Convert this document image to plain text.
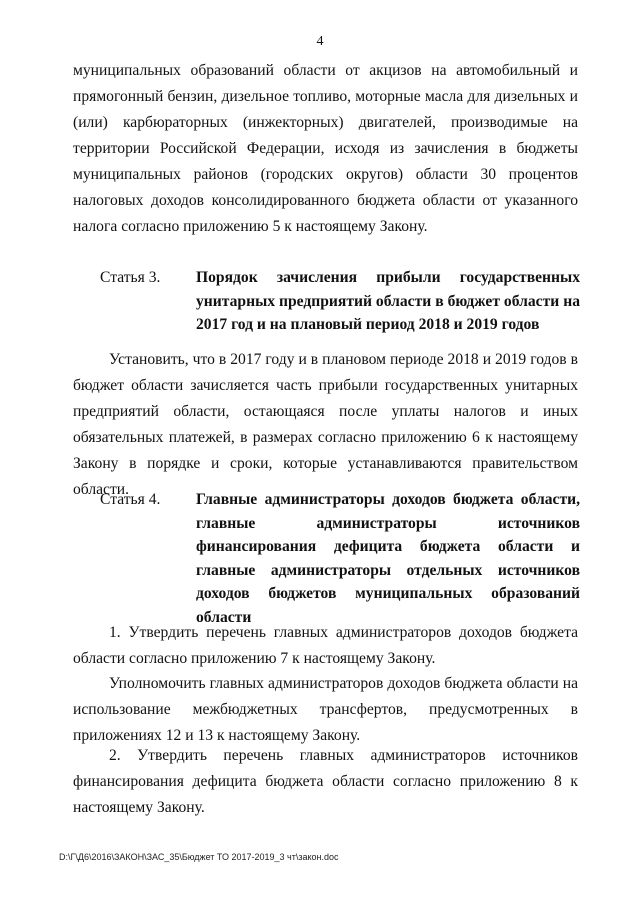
4
муниципальных образований области от акцизов на автомобильный и прямогонный бензин, дизельное топливо, моторные масла для дизельных и (или) карбюраторных (инжекторных) двигателей, производимые на территории Российской Федерации, исходя из зачисления в бюджеты муниципальных районов (городских округов) области 30 процентов налоговых доходов консолидированного бюджета области от указанного налога согласно приложению 5 к настоящему Закону.
Статья 3.	Порядок зачисления прибыли государственных унитарных предприятий области в бюджет области на 2017 год и на плановый период 2018 и 2019 годов
Установить, что в 2017 году и в плановом периоде 2018 и 2019 годов в бюджет области зачисляется часть прибыли государственных унитарных предприятий области, остающаяся после уплаты налогов и иных обязательных платежей, в размерах согласно приложению 6 к настоящему Закону в порядке и сроки, которые устанавливаются правительством области.
Статья 4.	Главные администраторы доходов бюджета области, главные администраторы источников финансирования дефицита бюджета области и главные администраторы отдельных источников доходов бюджетов муниципальных образований области
1. Утвердить перечень главных администраторов доходов бюджета области согласно приложению 7 к настоящему Закону.
Уполномочить главных администраторов доходов бюджета области на использование межбюджетных трансфертов, предусмотренных в приложениях 12 и 13 к настоящему Закону.
2. Утвердить перечень главных администраторов источников финансирования дефицита бюджета области согласно приложению 8 к настоящему Закону.
D:\Г\Д6\2016\ЗАКОН\ЗАС_35\Бюджет ТО 2017-2019_3 чт\закон.doc
